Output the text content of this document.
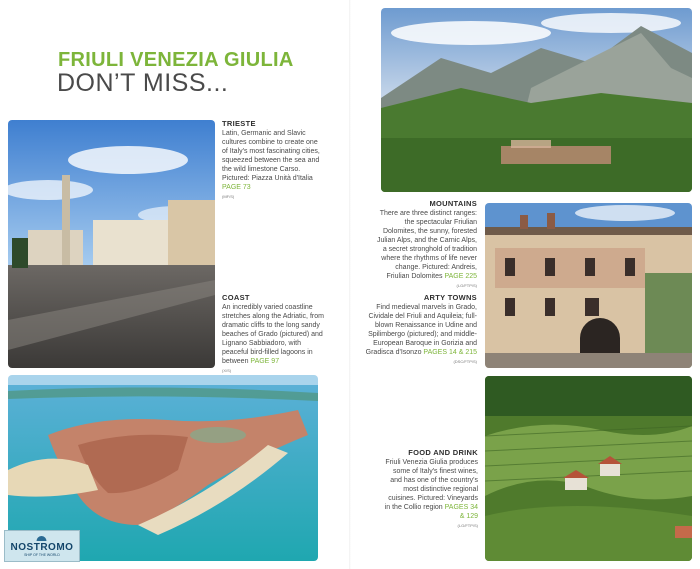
FRIULI VENEZIA GIULIA
DON’T MISS...
TRIESTE
Latin, Germanic and Slavic cultures combine to create one of Italy's most fascinating cities, squeezed between the sea and the wild limestone Carso. Pictured: Piazza Unità d'Italia
PAGE 73
(MF/S)
COAST
An incredibly varied coastline stretches along the Adriatic, from dramatic cliffs to the long sandy beaches of Grado (pictured) and Lignano Sabbiadoro, with peaceful bird-filled lagoons in between PAGE 97
(X/S)
NOSTROMO
SHIP OF THE WORLD
MOUNTAINS
There are three distinct ranges: the spectacular Friulian Dolomites, the sunny, forested Julian Alps, and the Carnic Alps, a secret stronghold of tradition where the rhythms of life never change. Pictured: Andreis, Friulian Dolomites PAGE 225
(LG/FTP/S)
ARTY TOWNS
Find medieval marvels in Grado, Cividale del Friuli and Aquileia; full-blown Renaissance in Udine and Spilimbergo (pictured); and middle-European Baroque in Gorizia and Gradisca d'Isonzo PAGES 14 & 215
(DSC/FTP/S)
FOOD AND DRINK
Friuli Venezia Giulia produces some of Italy's finest wines, and has one of the country's most distinctive regional cuisines. Pictured: Vineyards in the Collio region PAGES 34 & 129
(LG/FTP/S)
